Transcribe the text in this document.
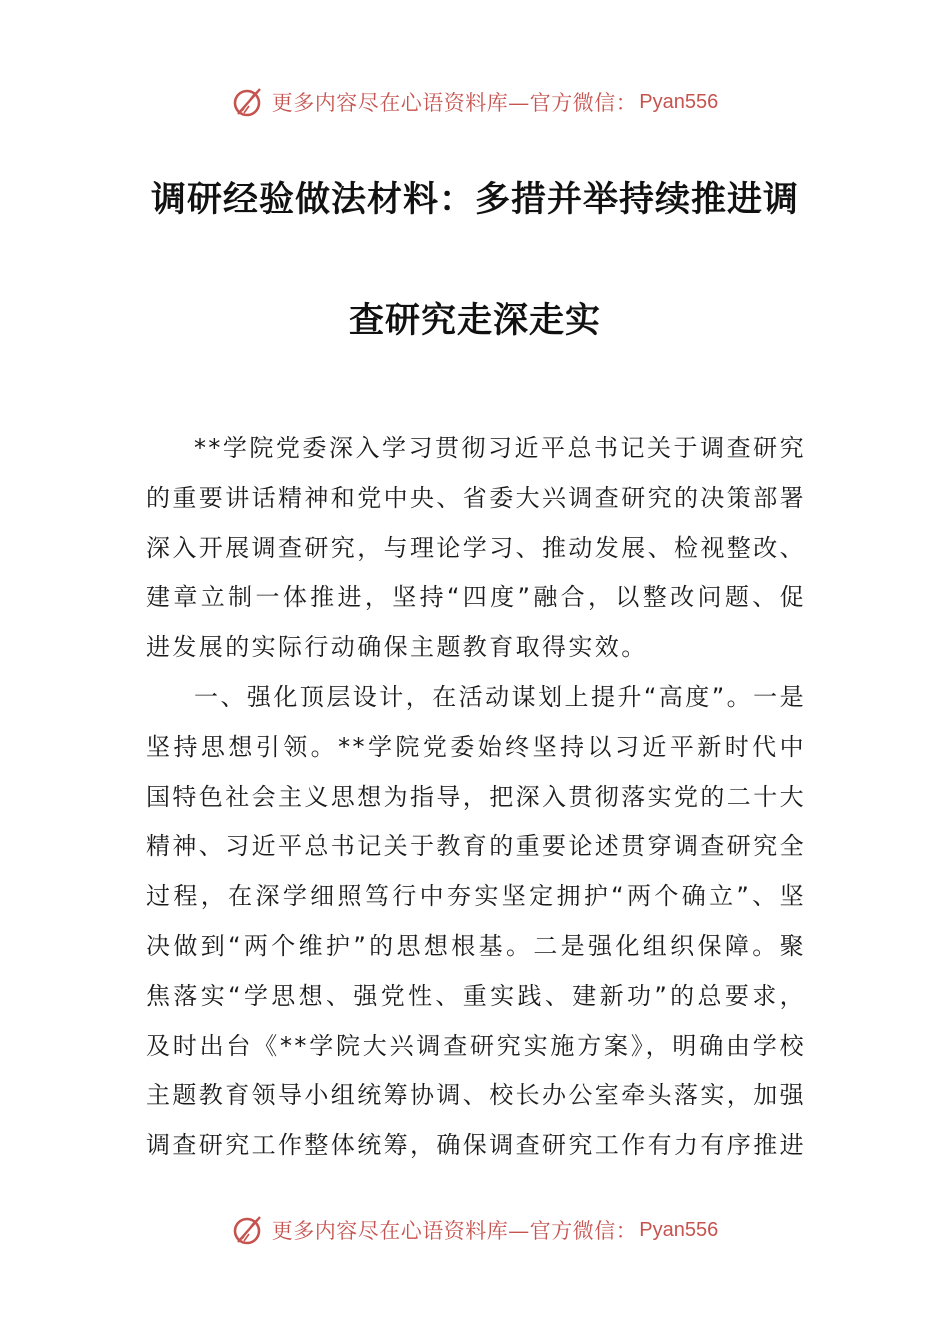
更多内容尽在心语资料库—官方微信： Pyan556
调研经验做法材料：多措并举持续推进调
查研究走深走实

**学院党委深入学习贯彻习近平总书记关于调查研究的重要讲话精神和党中央、省委大兴调查研究的决策部署深入开展调查研究，与理论学习、推动发展、检视整改、建章立制一体推进，坚持“四度”融合，以整改问题、促进发展的实际行动确保主题教育取得实效。

一、强化顶层设计，在活动谋划上提升“高度”。一是坚持思想引领。**学院党委始终坚持以习近平新时代中国特色社会主义思想为指导，把深入贯彻落实党的二十大精神、习近平总书记关于教育的重要论述贯穿调查研究全过程，在深学细照笃行中夯实坚定拥护“两个确立”、坚决做到“两个维护”的思想根基。二是强化组织保障。聚焦落实“学思想、强党性、重实践、建新功”的总要求，及时出台《**学院大兴调查研究实施方案》，明确由学校主题教育领导小组统筹协调、校长办公室牵头落实，加强调查研究工作整体统筹，确保调查研究工作有力有序推进

更多内容尽在心语资料库—官方微信： Pyan556
